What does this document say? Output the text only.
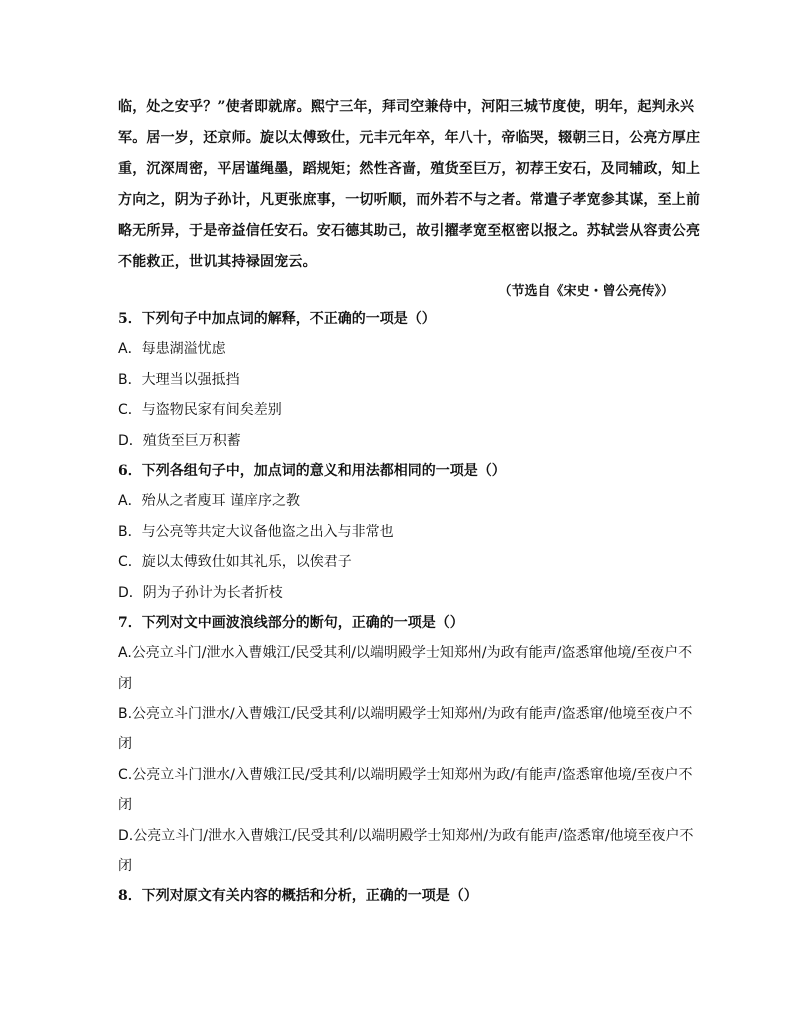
临，处之安乎？”使者即就席。熙宁三年，拜司空兼侍中，河阳三城节度使，明年，起判永兴
军。居一岁，还京师。旋以太傅致仕，元丰元年卒，年八十，帝临哭，辍朝三日，公亮方厚庄
重，沉深周密，平居谨绳墨，蹈规矩；然性吝啬，殖货至巨万，初荐王安石，及同辅政，知上
方向之，阴为子孙计，凡更张庶事，一切听顺，而外若不与之者。常遣子孝宽参其谋，至上前
略无所异，于是帝益信任安石。安石德其助己，故引擢孝宽至枢密以报之。苏轼尝从容责公亮
不能救正，世讥其持禄固宠云。
（节选自《宋史・曾公亮传》）
5．下列句子中加点词的解释，不正确的一项是（）
A．每患湖溢忧虑
B．大理当以强抵挡
C．与盗物民家有间矣差别
D．殖货至巨万积蓄
6．下列各组句子中，加点词的意义和用法都相同的一项是（）
A．殆从之者廋耳 谨庠序之教
B．与公亮等共定大议备他盗之出入与非常也
C．旋以太傅致仕如其礼乐，以俟君子
D．阴为子孙计为长者折枝
7．下列对文中画波浪线部分的断句，正确的一项是（）
A.公亮立斗门/泄水入曹娥江/民受其利/以端明殿学士知郑州/为政有能声/盗悉窜他境/至夜户不
闭
B.公亮立斗门泄水/入曹娥江/民受其利/以端明殿学士知郑州/为政有能声/盗悉窜/他境至夜户不
闭
C.公亮立斗门泄水/入曹娥江民/受其利/以端明殿学士知郑州为政/有能声/盗悉窜他境/至夜户不
闭
D.公亮立斗门/泄水入曹娥江/民受其利/以端明殿学士知郑州/为政有能声/盗悉窜/他境至夜户不
闭
8．下列对原文有关内容的概括和分析，正确的一项是（）
